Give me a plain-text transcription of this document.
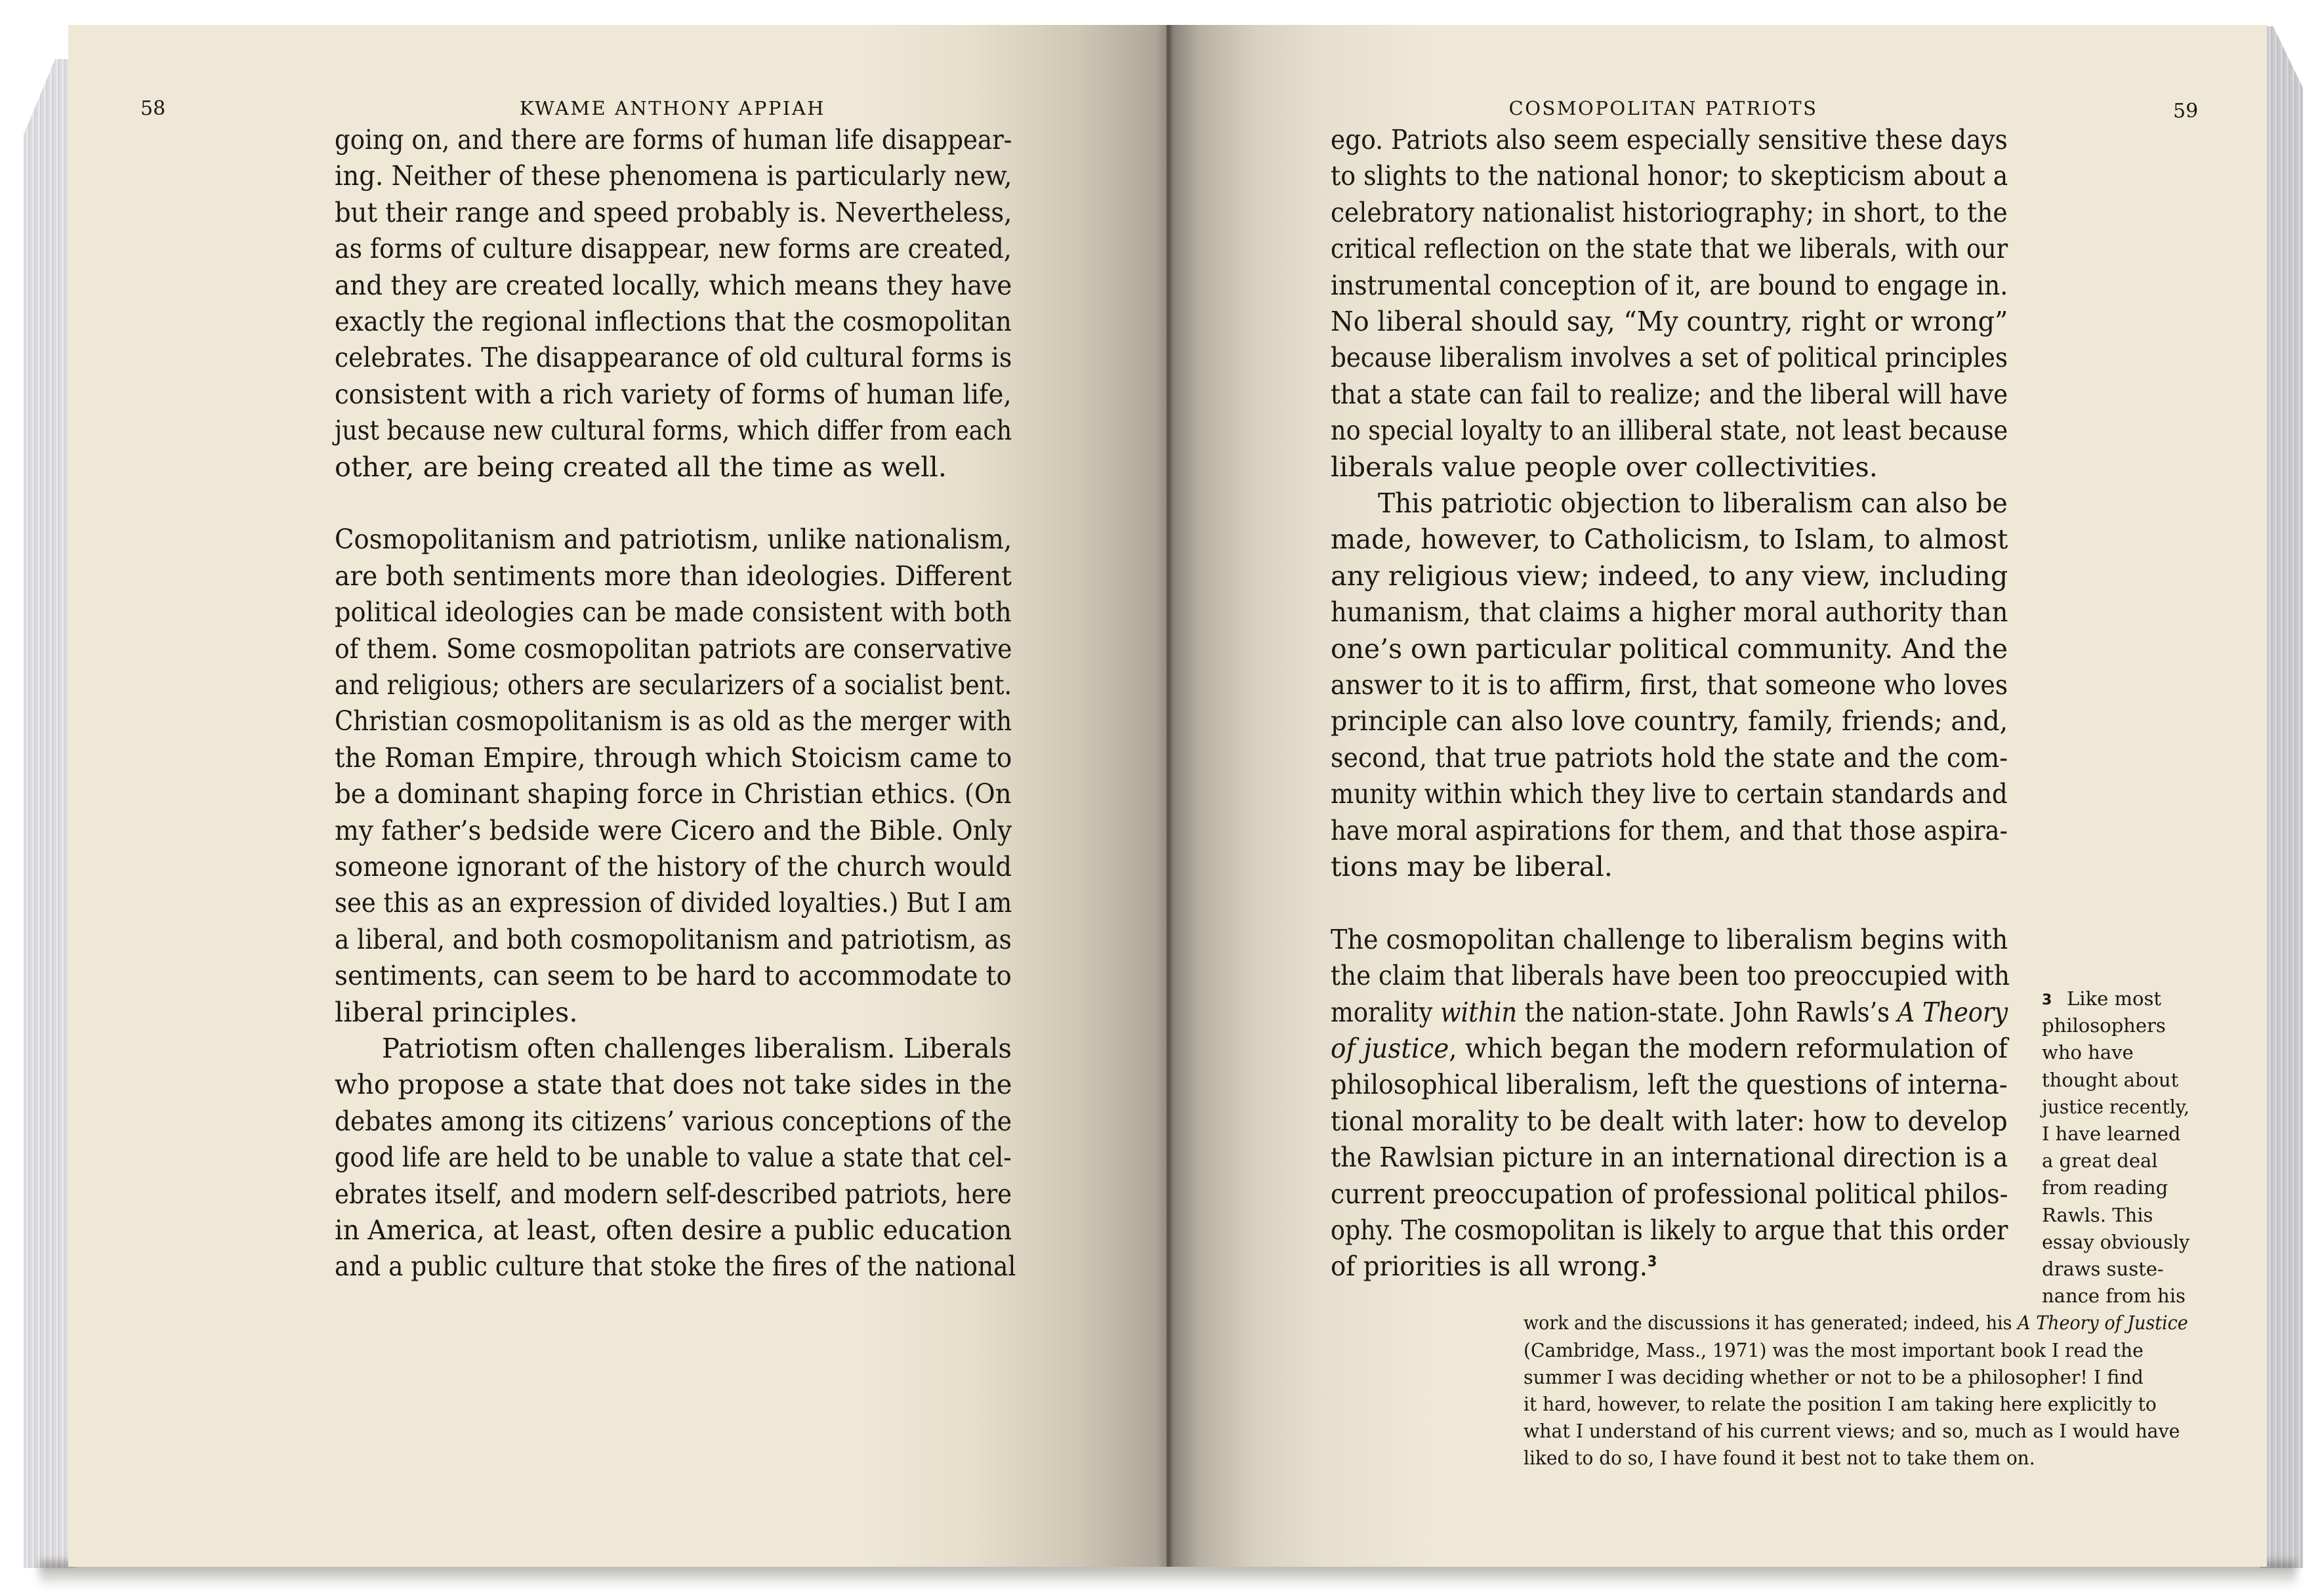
58	KWAME ANTHONY APPIAH	COSMOPOLITAN PATRIOTS	59
going on, and there are forms of human life disappear-
ing. Neither of these phenomena is particularly new,
but their range and speed probably is. Nevertheless,
as forms of culture disappear, new forms are created,
and they are created locally, which means they have
exactly the regional inflections that the cosmopolitan
celebrates. The disappearance of old cultural forms is
consistent with a rich variety of forms of human life,
just because new cultural forms, which differ from each
other, are being created all the time as well.
Cosmopolitanism and patriotism, unlike nationalism,
are both sentiments more than ideologies. Different
political ideologies can be made consistent with both
of them. Some cosmopolitan patriots are conservative
and religious; others are secularizers of a socialist bent.
Christian cosmopolitanism is as old as the merger with
the Roman Empire, through which Stoicism came to
be a dominant shaping force in Christian ethics. (On
my father’s bedside were Cicero and the Bible. Only
someone ignorant of the history of the church would
see this as an expression of divided loyalties.) But I am
a liberal, and both cosmopolitanism and patriotism, as
sentiments, can seem to be hard to accommodate to
liberal principles.
Patriotism often challenges liberalism. Liberals
who propose a state that does not take sides in the
debates among its citizens’ various conceptions of the
good life are held to be unable to value a state that cel-
ebrates itself, and modern self-described patriots, here
in America, at least, often desire a public education
and a public culture that stoke the fires of the national
ego. Patriots also seem especially sensitive these days
to slights to the national honor; to skepticism about a
celebratory nationalist historiography; in short, to the
critical reflection on the state that we liberals, with our
instrumental conception of it, are bound to engage in.
No liberal should say, “My country, right or wrong”
because liberalism involves a set of political principles
that a state can fail to realize; and the liberal will have
no special loyalty to an illiberal state, not least because
liberals value people over collectivities.
This patriotic objection to liberalism can also be
made, however, to Catholicism, to Islam, to almost
any religious view; indeed, to any view, including
humanism, that claims a higher moral authority than
one’s own particular political community. And the
answer to it is to affirm, first, that someone who loves
principle can also love country, family, friends; and,
second, that true patriots hold the state and the com-
munity within which they live to certain standards and
have moral aspirations for them, and that those aspira-
tions may be liberal.
The cosmopolitan challenge to liberalism begins with
the claim that liberals have been too preoccupied with
morality within the nation-state. John Rawls’s A Theory
of justice, which began the modern reformulation of
philosophical liberalism, left the questions of interna-
tional morality to be dealt with later: how to develop
the Rawlsian picture in an international direction is a
current preoccupation of professional political philos-
ophy. The cosmopolitan is likely to argue that this order
of priorities is all wrong.$^3$
Like most
philosophers
who have
thought about
justice recently,
I have learned
a great deal
from reading
Rawls. This
essay obviously
draws suste-
nance from his
3
work and the discussions it has generated; indeed, his A Theory of Justice
(Cambridge, Mass., 1971) was the most important book I read the
summer I was deciding whether or not to be a philosopher! I find
it hard, however, to relate the position I am taking here explicitly to
what I understand of his current views; and so, much as I would have
liked to do so, I have found it best not to take them on.
